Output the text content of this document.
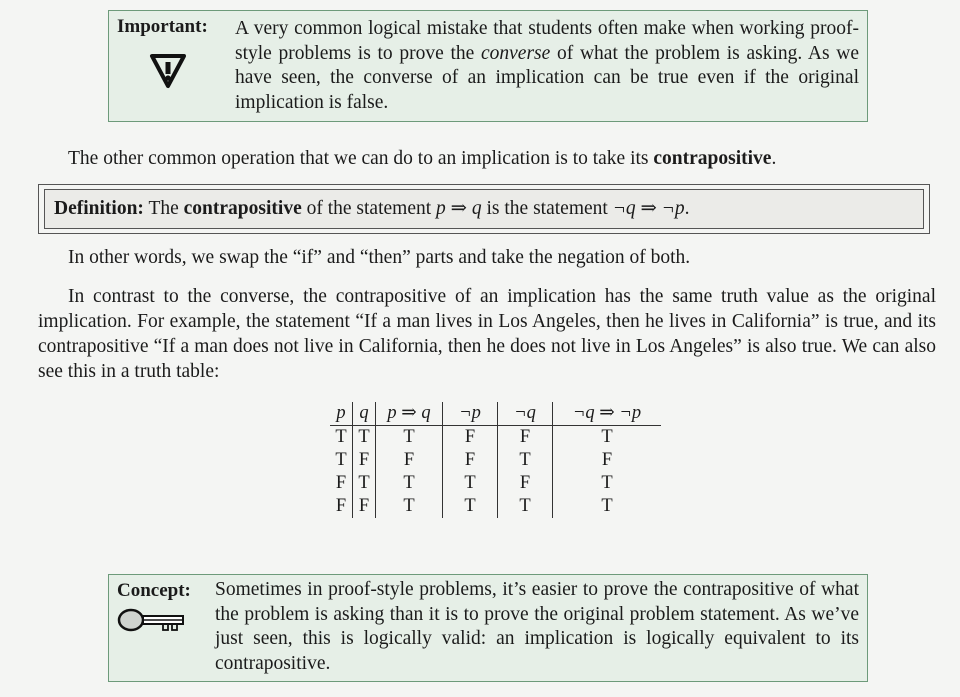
Important: A very common logical mistake that students often make when working proof-style problems is to prove the converse of what the problem is asking. As we have seen, the converse of an implication can be true even if the original implication is false.
The other common operation that we can do to an implication is to take its contrapositive.
Definition: The contrapositive of the statement p ⇒ q is the statement ¬q ⇒ ¬p.
In other words, we swap the “if” and “then” parts and take the negation of both.
In contrast to the converse, the contrapositive of an implication has the same truth value as the original implication. For example, the statement “If a man lives in Los Angeles, then he lives in California” is true, and its contrapositive “If a man does not live in California, then he does not live in Los Angeles” is also true. We can also see this in a truth table:
p	q	p ⇒ q	¬p	¬q	¬q ⇒ ¬p
T	T	T	F	F	T
T	F	F	F	T	F
F	T	T	T	F	T
F	F	T	T	T	T
Concept: Sometimes in proof-style problems, it’s easier to prove the contrapositive of what the problem is asking than it is to prove the original problem statement. As we’ve just seen, this is logically valid: an implication is logically equivalent to its contrapositive.
